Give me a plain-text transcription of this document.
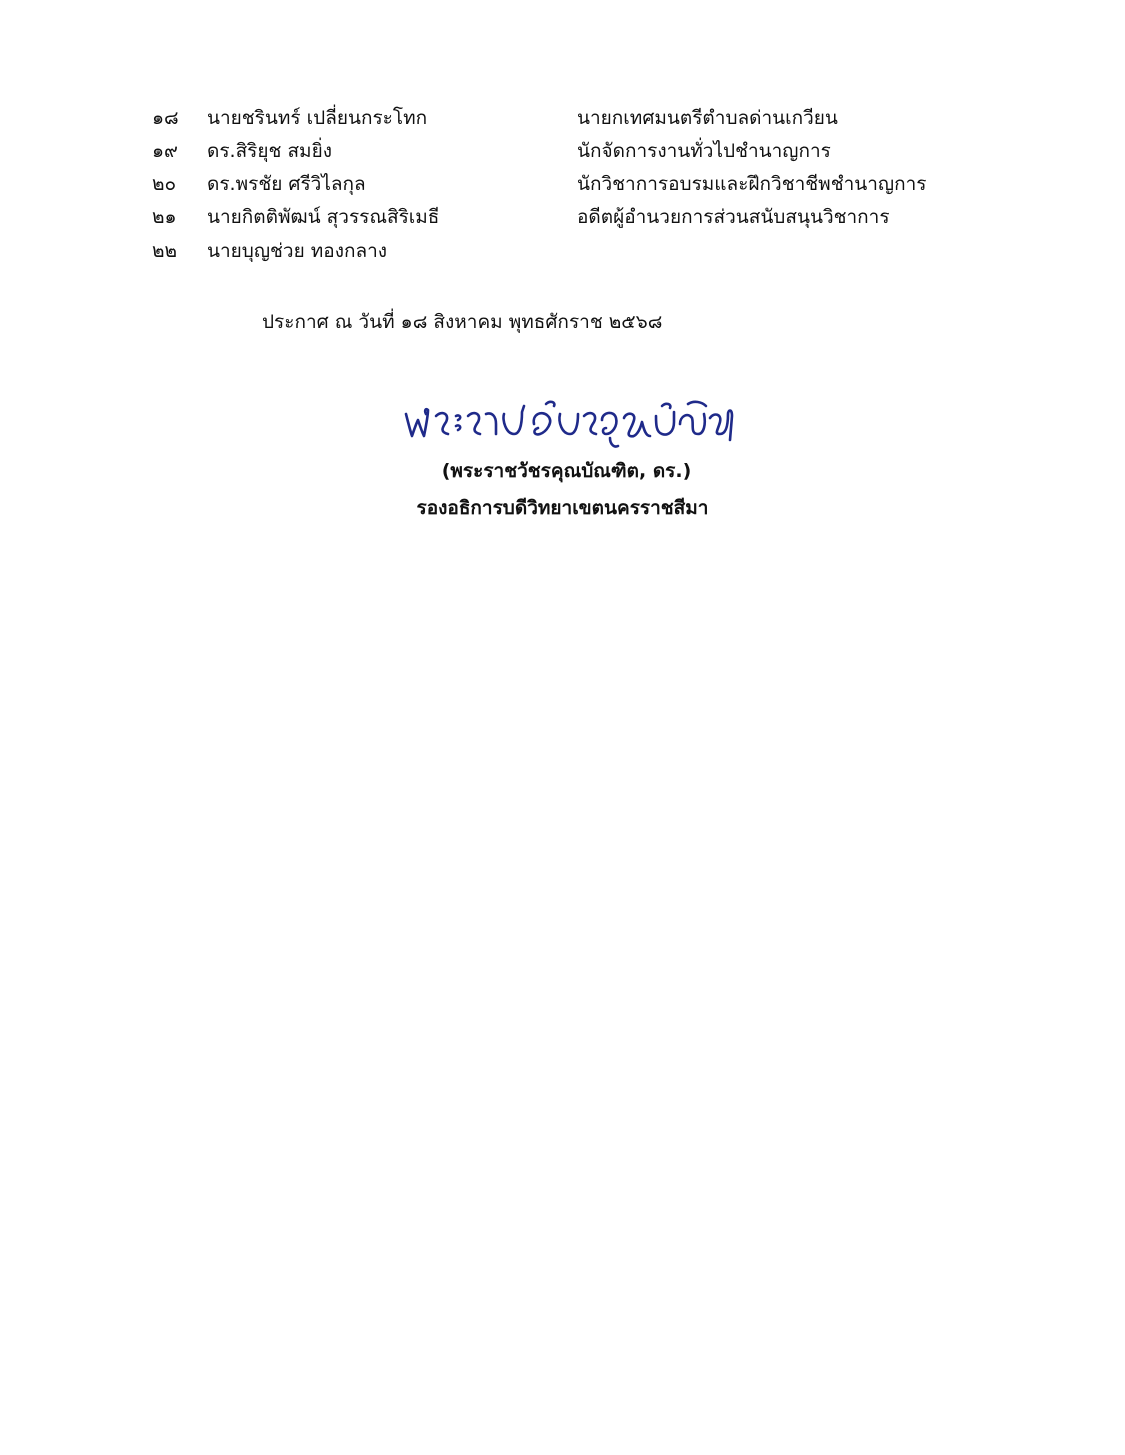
๑๘ นายชรินทร์ เปลี่ยนกระโทก	นายกเทศมนตรีตำบลด่านเกวียน
๑๙ ดร.สิริยุช สมยิ่ง	นักจัดการงานทั่วไปชำนาญการ
๒๐ ดร.พรชัย ศรีวิไลกุล	นักวิชาการอบรมและฝึกวิชาชีพชำนาญการ
๒๑ นายกิตติพัฒน์ สุวรรณสิริเมธี	อดีตผู้อำนวยการส่วนสนับสนุนวิชาการ
๒๒ นายบุญช่วย ทองกลาง
ประกาศ ณ วันที่ ๑๘ สิงหาคม พุทธศักราช ๒๕๖๘
(พระราชวัชรคุณบัณฑิต, ดร.)
รองอธิการบดีวิทยาเขตนครราชสีมา
